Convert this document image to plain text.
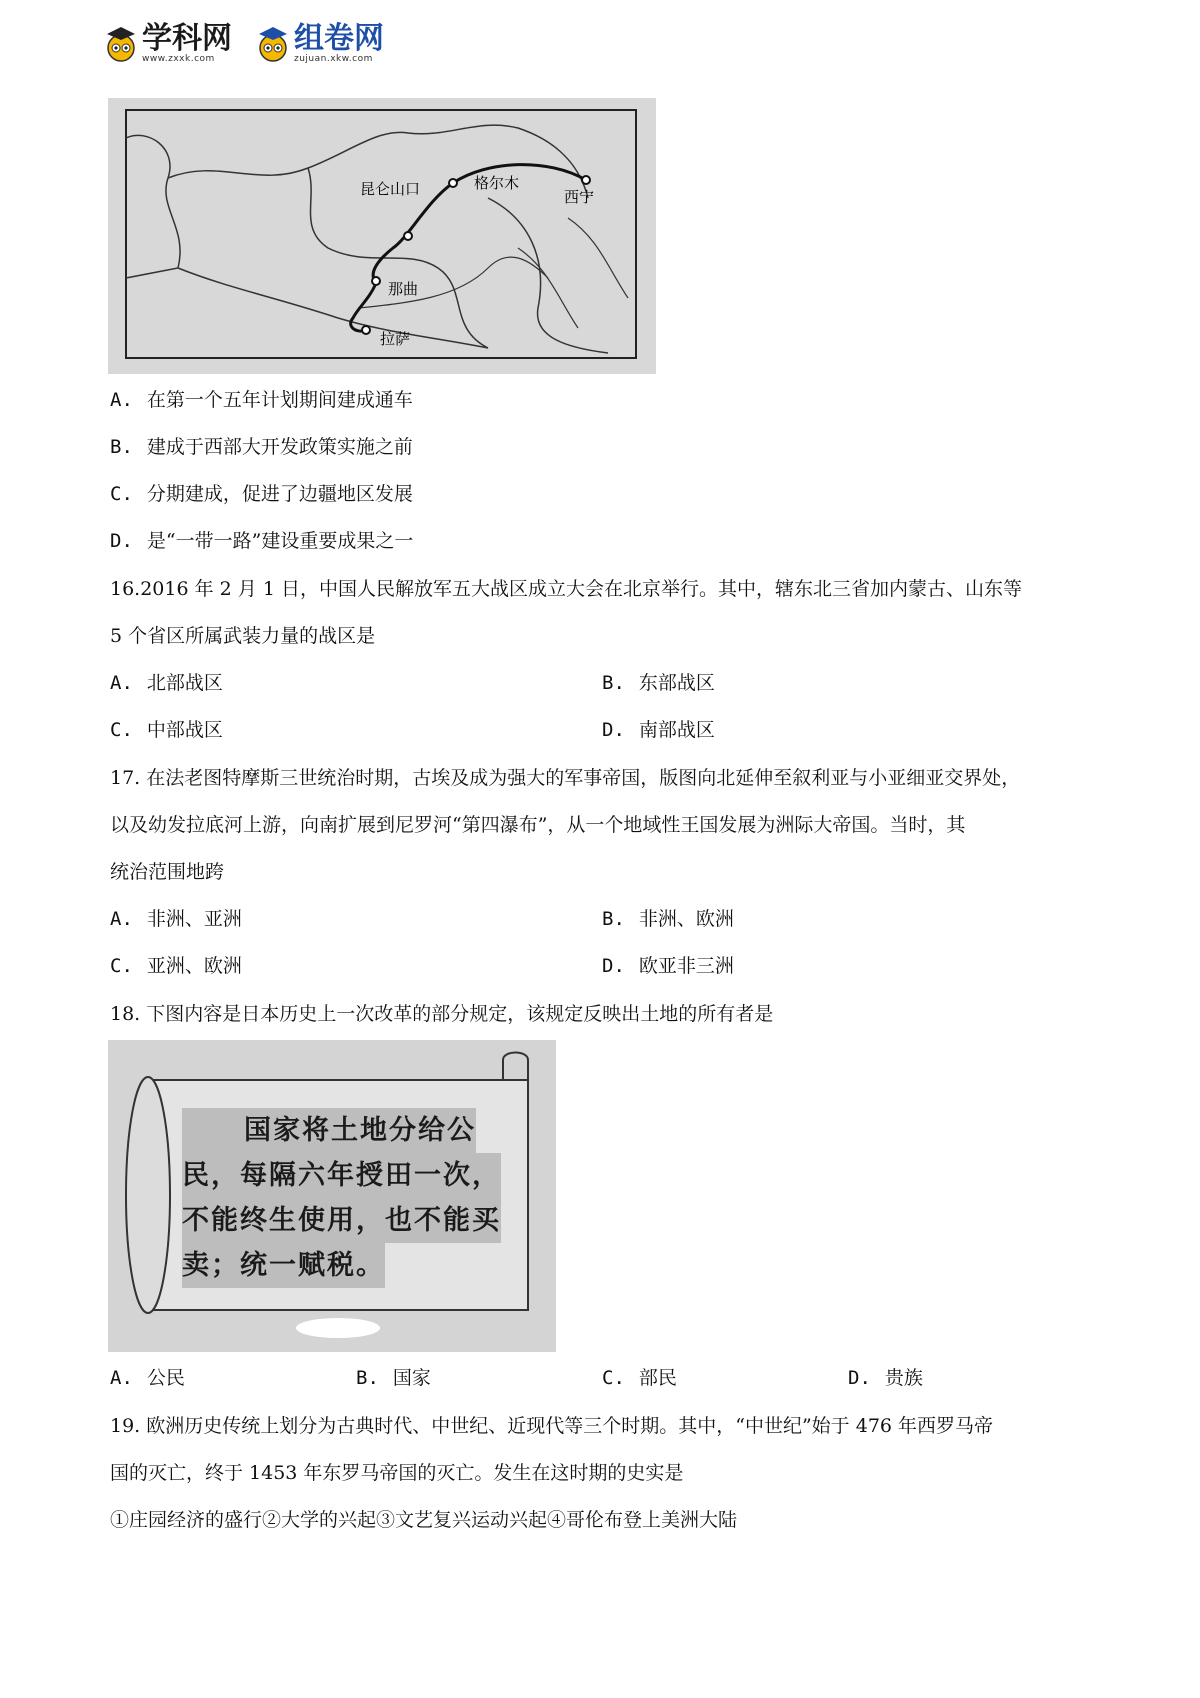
学科网
www.zxxk.com
组卷网
zujuan.xkw.com
昆仑山口	格尔木
西宁
那曲
拉萨
A. 在第一个五年计划期间建成通车
B. 建成于西部大开发政策实施之前
C. 分期建成，促进了边疆地区发展
D. 是“一带一路”建设重要成果之一
16.2016 年 2 月 1 日，中国人民解放军五大战区成立大会在北京举行。其中，辖东北三省加内蒙古、山东等
5 个省区所属武装力量的战区是
A. 北部战区	B. 东部战区
C. 中部战区	D. 南部战区
17. 在法老图特摩斯三世统治时期，古埃及成为强大的军事帝国，版图向北延伸至叙利亚与小亚细亚交界处，
以及幼发拉底河上游，向南扩展到尼罗河“第四瀑布”，从一个地域性王国发展为洲际大帝国。当时，其
统治范围地跨
A. 非洲、亚洲	B. 非洲、欧洲
C. 亚洲、欧洲	D. 欧亚非三洲
18. 下图内容是日本历史上一次改革的部分规定，该规定反映出土地的所有者是
国家将土地分给公
民，每隔六年授田一次，
不能终生使用，也不能买
卖；统一赋税。
A. 公民	B. 国家	C. 部民	D. 贵族
19. 欧洲历史传统上划分为古典时代、中世纪、近现代等三个时期。其中，“中世纪”始于 476 年西罗马帝
国的灭亡，终于 1453 年东罗马帝国的灭亡。发生在这时期的史实是
①庄园经济的盛行②大学的兴起③文艺复兴运动兴起④哥伦布登上美洲大陆
